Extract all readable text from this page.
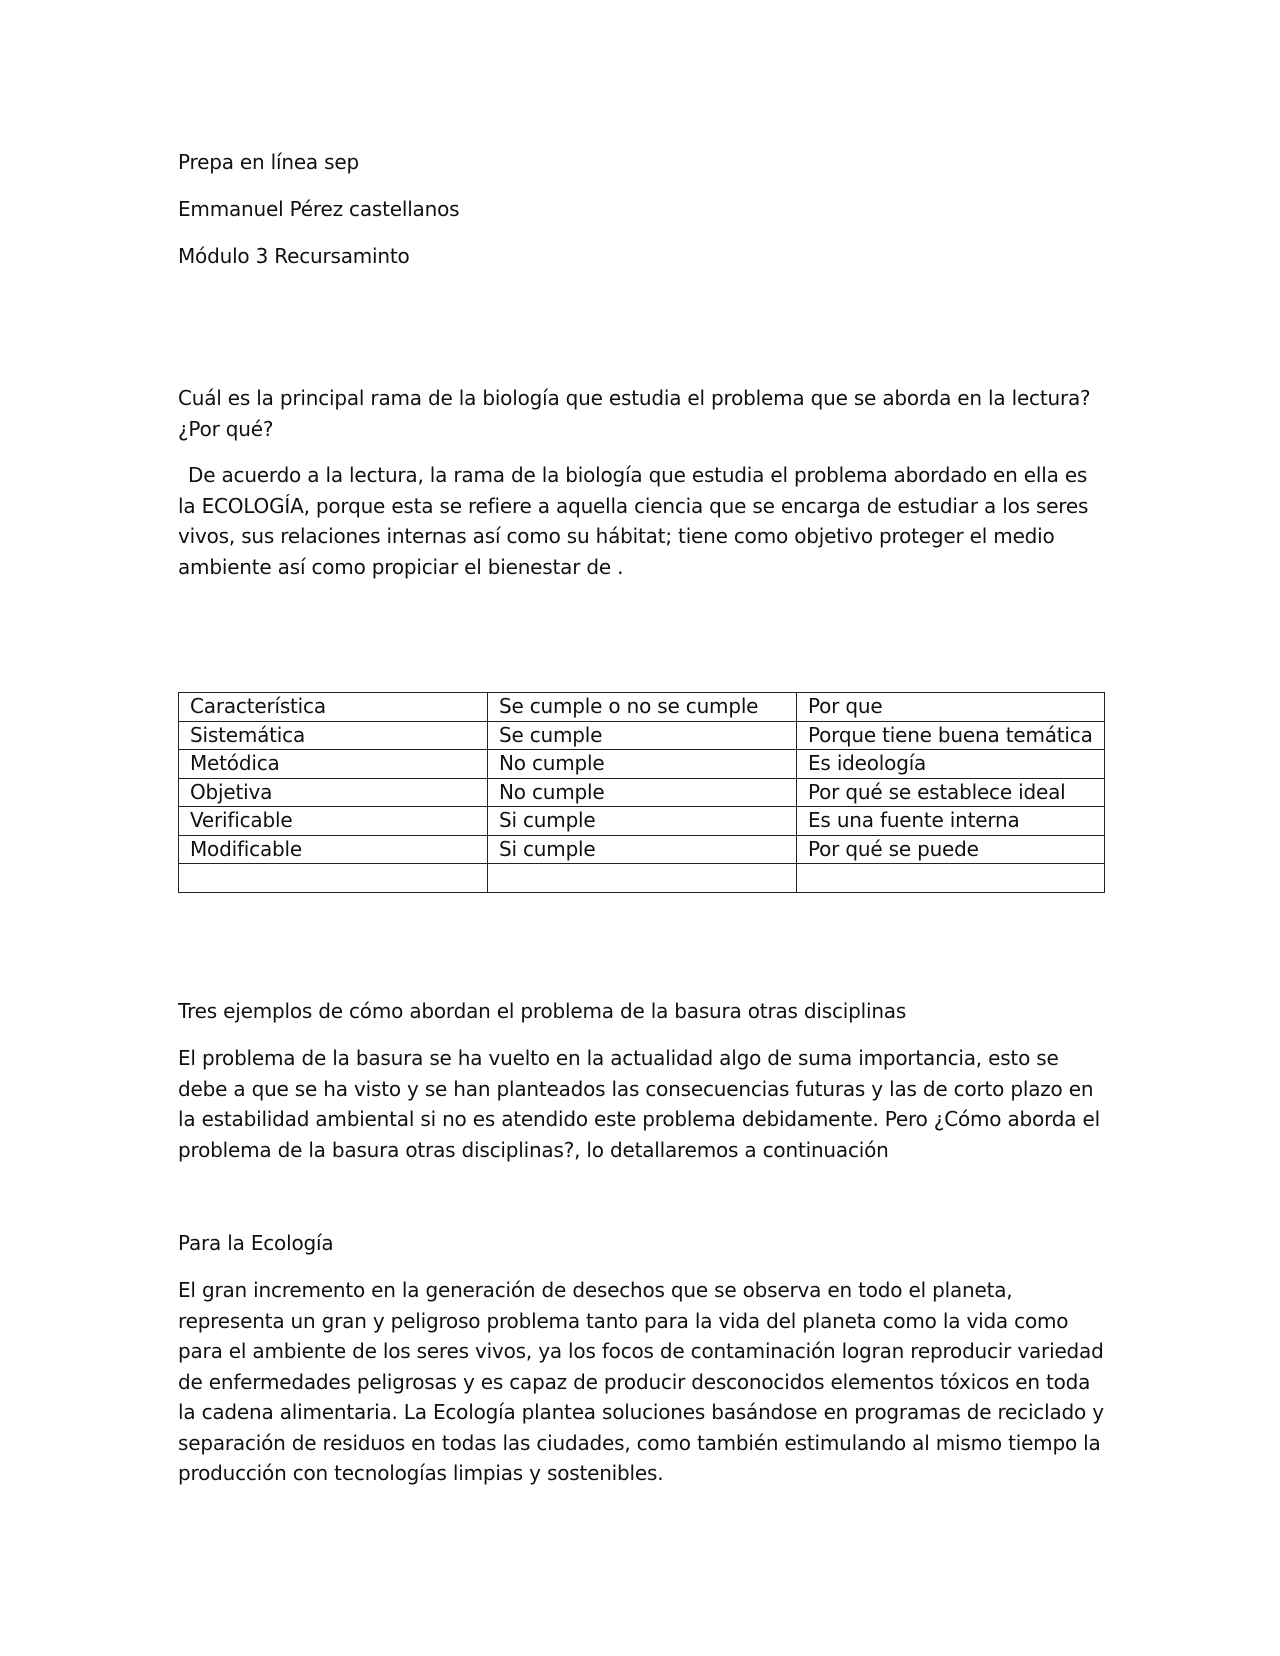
Prepa en línea sep

Emmanuel Pérez castellanos

Módulo 3 Recursaminto

Cuál es la principal rama de la biología que estudia el problema que se aborda en la lectura? ¿Por qué?

De acuerdo a la lectura, la rama de la biología que estudia el problema abordado en ella es la ECOLOGÍA, porque esta se refiere a aquella ciencia que se encarga de estudiar a los seres vivos, sus relaciones internas así como su hábitat; tiene como objetivo proteger el medio ambiente así como propiciar el bienestar de .

Característica	Se cumple o no se cumple	Por que
Sistemática	Se cumple	Porque tiene buena temática
Metódica	No cumple	Es ideología
Objetiva	No cumple	Por qué se establece ideal
Verificable	Si cumple	Es una fuente interna
Modificable	Si cumple	Por qué se puede

Tres ejemplos de cómo abordan el problema de la basura otras disciplinas

El problema de la basura se ha vuelto en la actualidad algo de suma importancia, esto se debe a que se ha visto y se han planteados las consecuencias futuras y las de corto plazo en la estabilidad ambiental si no es atendido este problema debidamente. Pero ¿Cómo aborda el problema de la basura otras disciplinas?, lo detallaremos a continuación

Para la Ecología

El gran incremento en la generación de desechos que se observa en todo el planeta, representa un gran y peligroso problema tanto para la vida del planeta como la vida como para el ambiente de los seres vivos, ya los focos de contaminación logran reproducir variedad de enfermedades peligrosas y es capaz de producir desconocidos elementos tóxicos en toda la cadena alimentaria. La Ecología plantea soluciones basándose en programas de reciclado y separación de residuos en todas las ciudades, como también estimulando al mismo tiempo la producción con tecnologías limpias y sostenibles.
